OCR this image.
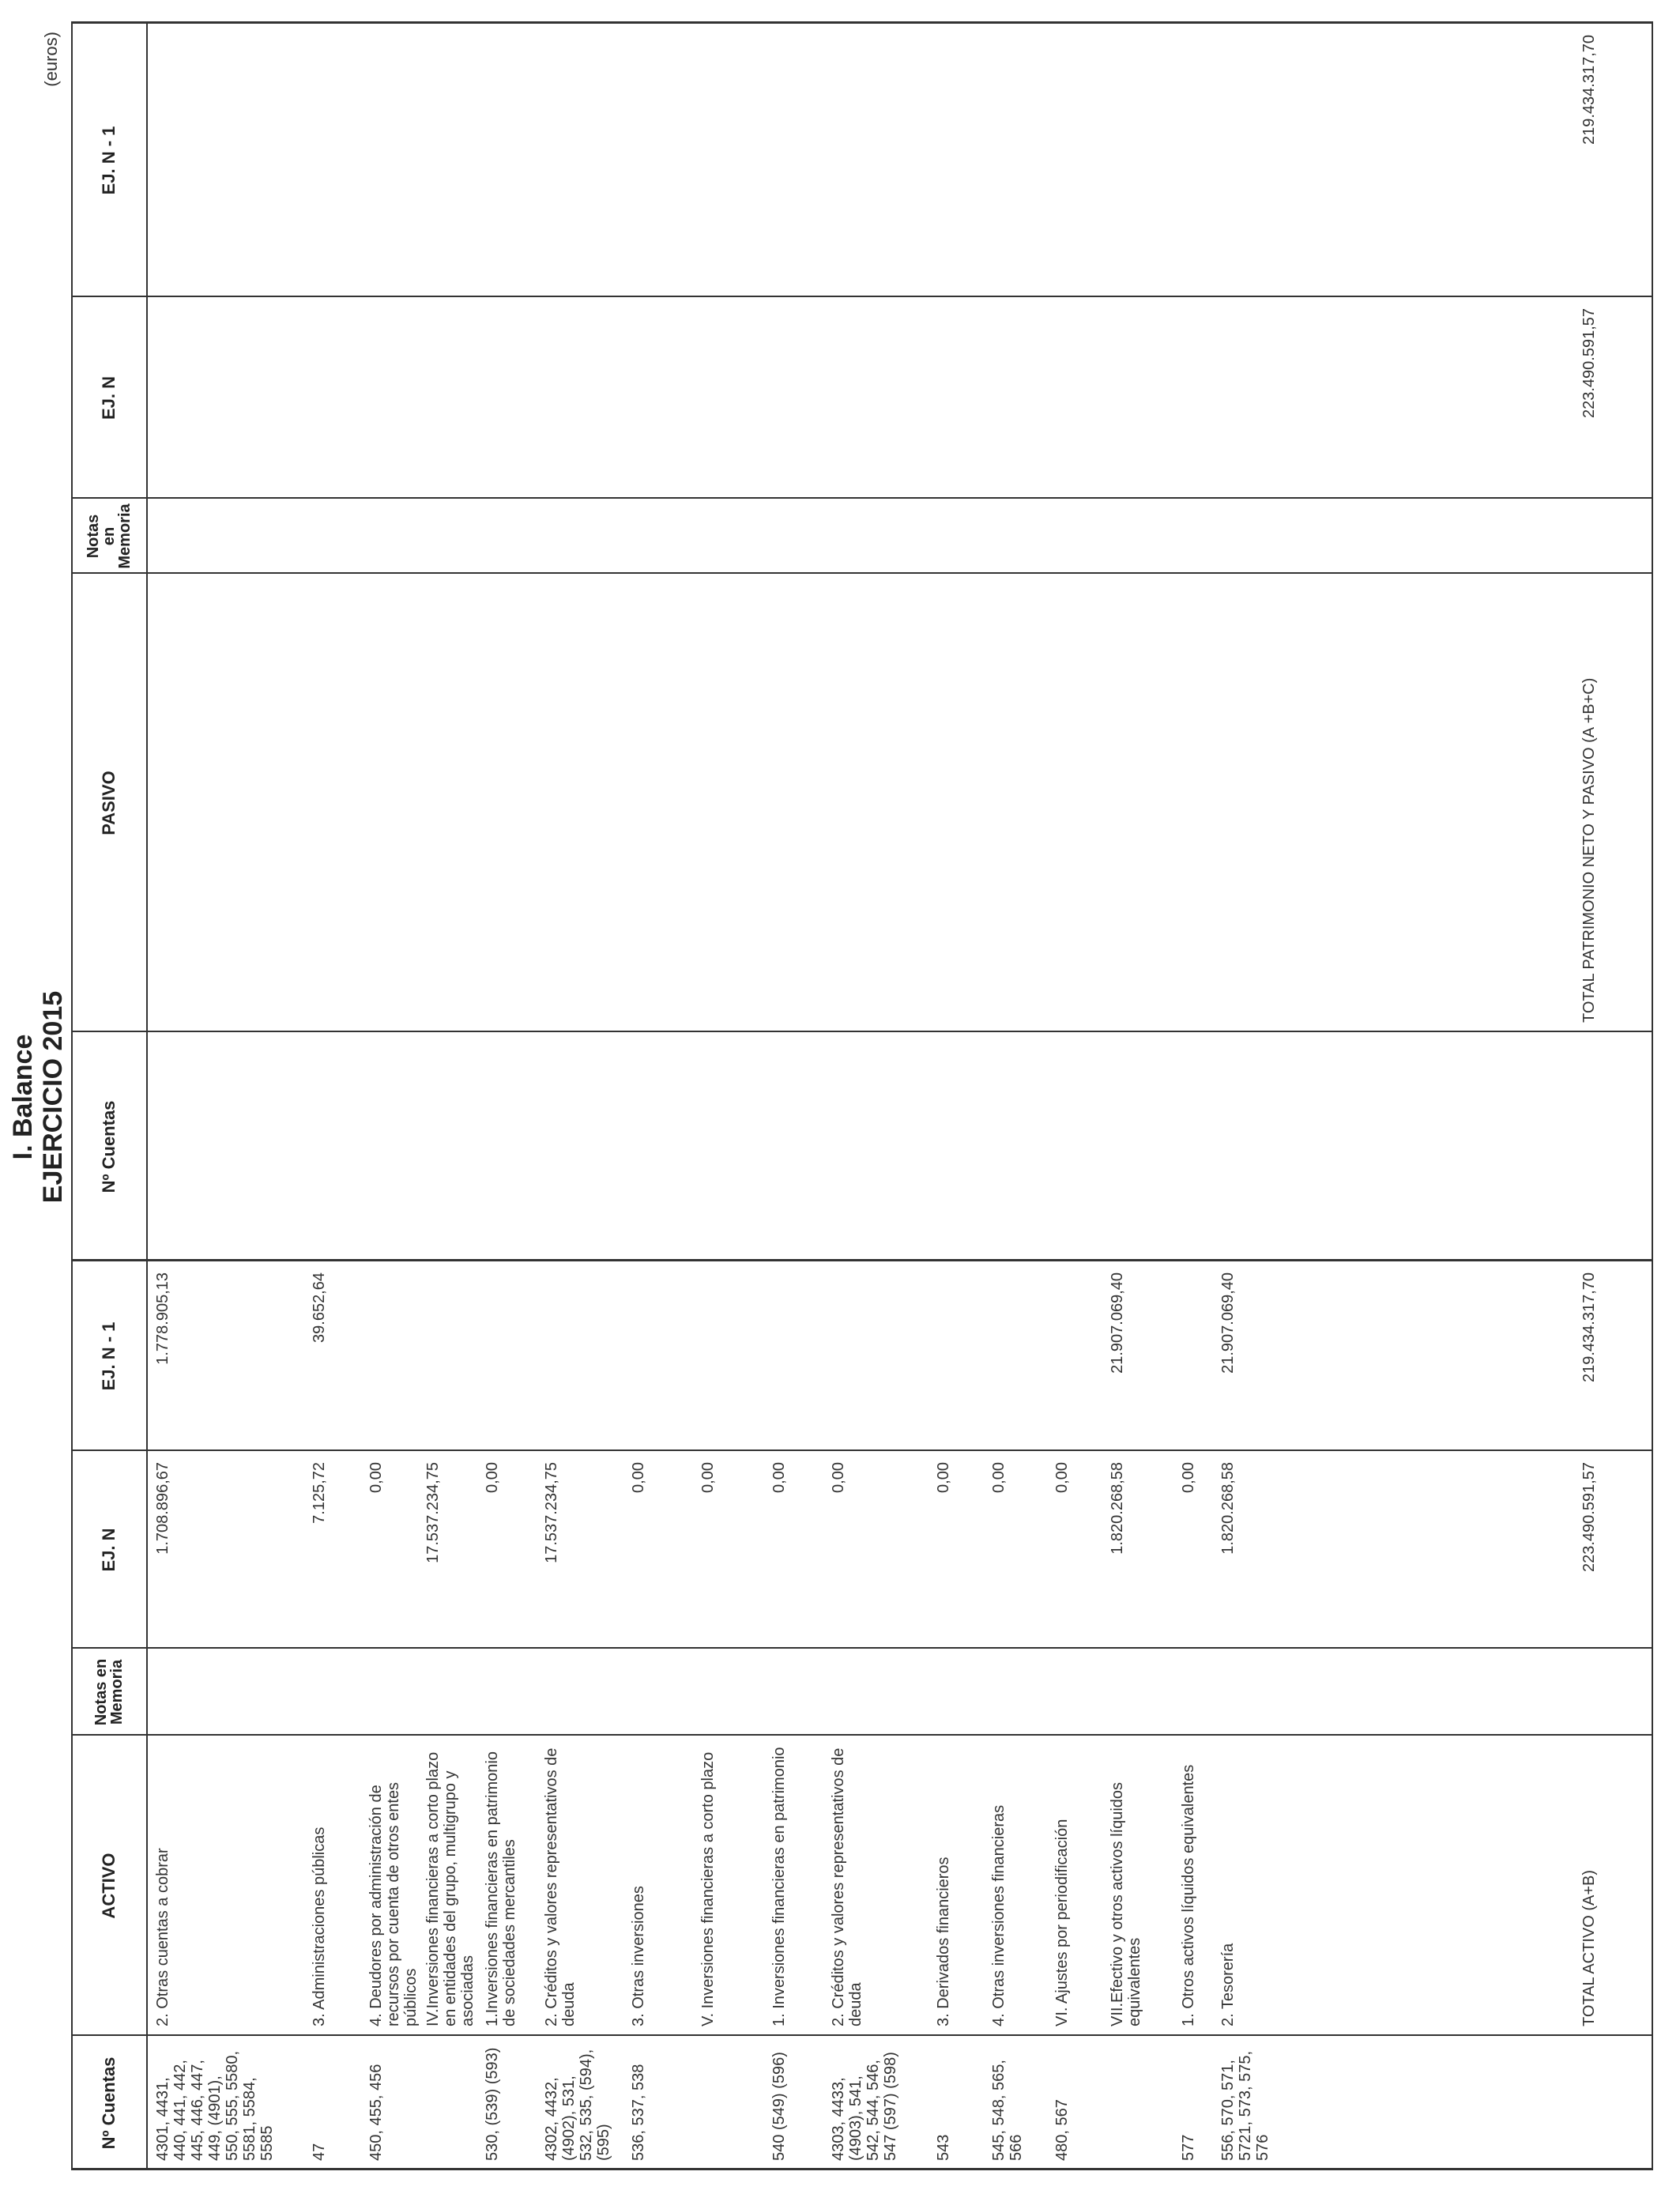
I. Balance EJERCICIO 2015
(euros)
Nº Cuentas
ACTIVO
Notas en Memoria
EJ. N
EJ. N - 1
Nº Cuentas
PASIVO
Notas en Memoria
EJ. N
EJ. N - 1
4301, 4431, 440, 441, 442, 445, 446, 447, 449, (4901), 550, 555, 5580, 5581, 5584, 5585
2. Otras cuentas a cobrar
1.708.896,67
1.778.905,13
47
3. Administraciones públicas
7.125,72
39.652,64
450, 455, 456
4. Deudores por administración de recursos por cuenta de otros entes públicos
0,00
IV.Inversiones financieras a corto plazo en entidades del grupo, multigrupo y asociadas
17.537.234,75
530, (539) (593)
1.Inversiones financieras en patrimonio de sociedades mercantiles
0,00
4302, 4432, (4902), 531, 532, 535, (594), (595)
2. Créditos y valores representativos de deuda
17.537.234,75
536, 537, 538
3. Otras inversiones
0,00
V. Inversiones financieras a corto plazo
0,00
540 (549) (596)
1. Inversiones financieras en patrimonio
0,00
4303, 4433, (4903), 541, 542, 544, 546, 547 (597) (598)
2. Créditos y valores representativos de deuda
0,00
543
3. Derivados financieros
0,00
545, 548, 565, 566
4. Otras inversiones financieras
0,00
480, 567
VI. Ajustes por periodificación
0,00
VII.Efectivo y otros activos líquidos equivalentes
1.820.268,58
21.907.069,40
577
1. Otros activos líquidos equivalentes
0,00
556, 570, 571, 5721, 573, 575, 576
2. Tesorería
1.820.268,58
21.907.069,40
TOTAL ACTIVO (A+B)
223.490.591,57
219.434.317,70
TOTAL PATRIMONIO NETO Y PASIVO (A +B+C)
223.490.591,57
219.434.317,70
